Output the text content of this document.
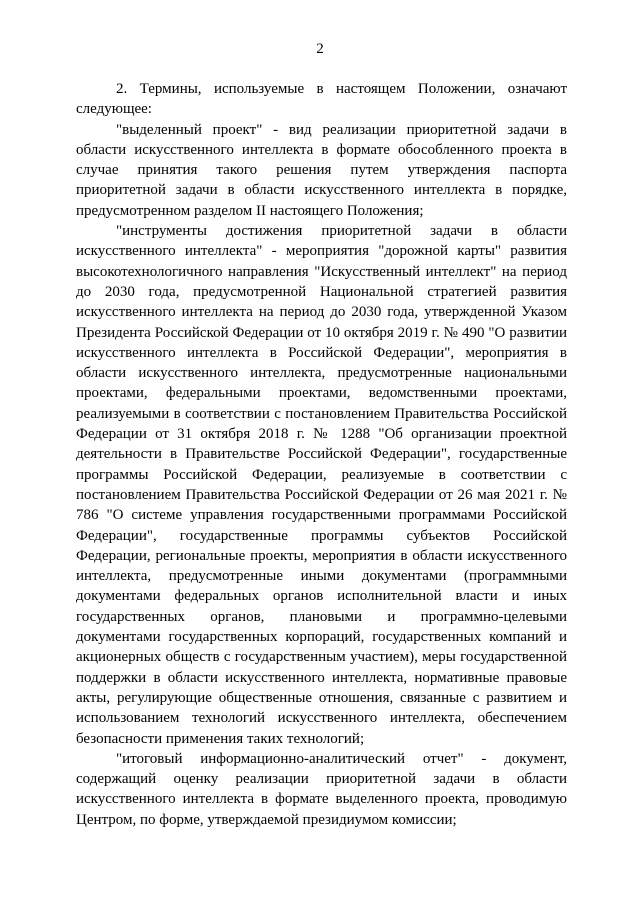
2

2. Термины, используемые в настоящем Положении, означают следующее:

"выделенный проект" - вид реализации приоритетной задачи в области искусственного интеллекта в формате обособленного проекта в случае принятия такого решения путем утверждения паспорта приоритетной задачи в области искусственного интеллекта в порядке, предусмотренном разделом II настоящего Положения;

"инструменты достижения приоритетной задачи в области искусственного интеллекта" - мероприятия "дорожной карты" развития высокотехнологичного направления "Искусственный интеллект" на период до 2030 года, предусмотренной Национальной стратегией развития искусственного интеллекта на период до 2030 года, утвержденной Указом Президента Российской Федерации от 10 октября 2019 г. № 490 "О развитии искусственного интеллекта в Российской Федерации", мероприятия в области искусственного интеллекта, предусмотренные национальными проектами, федеральными проектами, ведомственными проектами, реализуемыми в соответствии с постановлением Правительства Российской Федерации от 31 октября 2018 г. № 1288 "Об организации проектной деятельности в Правительстве Российской Федерации", государственные программы Российской Федерации, реализуемые в соответствии с постановлением Правительства Российской Федерации от 26 мая 2021 г. № 786 "О системе управления государственными программами Российской Федерации", государственные программы субъектов Российской Федерации, региональные проекты, мероприятия в области искусственного интеллекта, предусмотренные иными документами (программными документами федеральных органов исполнительной власти и иных государственных органов, плановыми и программно-целевыми документами государственных корпораций, государственных компаний и акционерных обществ с государственным участием), меры государственной поддержки в области искусственного интеллекта, нормативные правовые акты, регулирующие общественные отношения, связанные с развитием и использованием технологий искусственного интеллекта, обеспечением безопасности применения таких технологий;

"итоговый информационно-аналитический отчет" - документ, содержащий оценку реализации приоритетной задачи в области искусственного интеллекта в формате выделенного проекта, проводимую Центром, по форме, утверждаемой президиумом комиссии;
